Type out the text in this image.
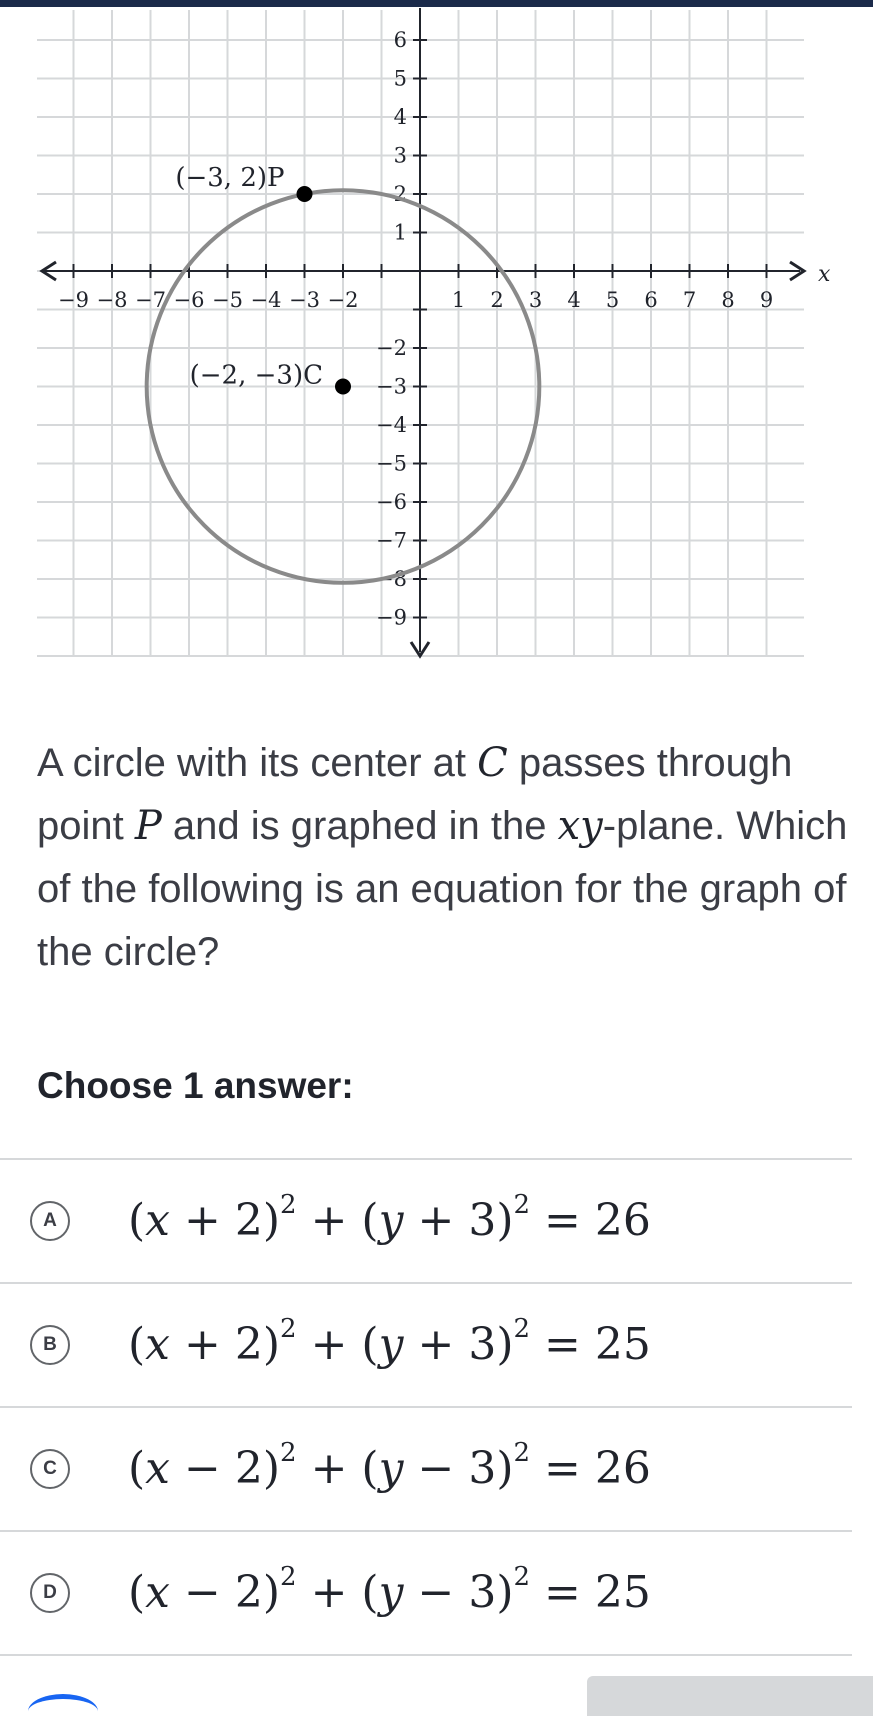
−9 −8 −7 −6 −5 −4 −3 −2	1 2 3 4 5 6 7 8 9
6
5
4
3
2
1
−2
−3
−4
−5
−6
−7
−8
−9
(−3, 2)P
(−2, −3)C
x
A circle with its center at C passes through point P and is graphed in the xy-plane. Which of the following is an equation for the graph of the circle?
Choose 1 answer:
A $(x + 2)^2 + (y + 3)^2 = 26$
B $(x + 2)^2 + (y + 3)^2 = 25$
C $(x - 2)^2 + (y - 3)^2 = 26$
D $(x - 2)^2 + (y - 3)^2 = 25$
